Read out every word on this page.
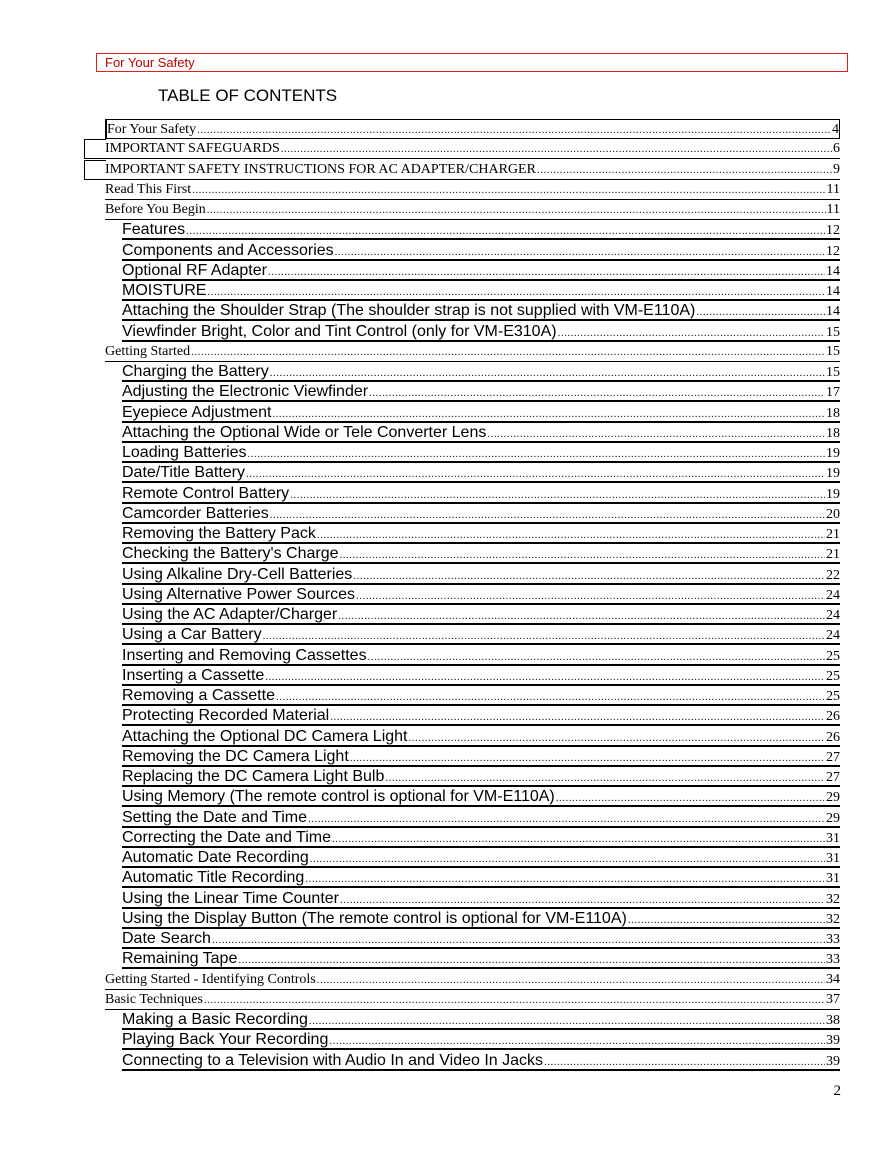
For Your Safety
TABLE OF CONTENTS
For Your Safety .....	4
IMPORTANT SAFEGUARDS .....	6
IMPORTANT SAFETY INSTRUCTIONS FOR AC ADAPTER/CHARGER .....	9
Read This First .....	11
Before You Begin .....	11
Features .....	12
Components and Accessories .....	12
Optional RF Adapter .....	14
MOISTURE .....	14
Attaching the Shoulder Strap (The shoulder strap is not supplied with VM-E110A) .....	14
Viewfinder Bright, Color and Tint Control (only for VM-E310A) .....	15
Getting Started .....	15
Charging the Battery .....	15
Adjusting the Electronic Viewfinder .....	17
Eyepiece Adjustment .....	18
Attaching the Optional Wide or Tele Converter Lens .....	18
Loading Batteries .....	19
Date/Title Battery .....	19
Remote Control Battery .....	19
Camcorder Batteries .....	20
Removing the Battery Pack .....	21
Checking the Battery's Charge .....	21
Using Alkaline Dry-Cell Batteries .....	22
Using Alternative Power Sources .....	24
Using the AC Adapter/Charger .....	24
Using a Car Battery .....	24
Inserting and Removing Cassettes .....	25
Inserting a Cassette .....	25
Removing a Cassette .....	25
Protecting Recorded Material .....	26
Attaching the Optional DC Camera Light .....	26
Removing the DC Camera Light .....	27
Replacing the DC Camera Light Bulb .....	27
Using Memory (The remote control is optional for VM-E110A) .....	29
Setting the Date and Time .....	29
Correcting the Date and Time .....	31
Automatic Date Recording .....	31
Automatic Title Recording .....	31
Using the Linear Time Counter .....	32
Using the Display Button (The remote control is optional for VM-E110A) .....	32
Date Search .....	33
Remaining Tape .....	33
Getting Started - Identifying Controls .....	34
Basic Techniques .....	37
Making a Basic Recording .....	38
Playing Back Your Recording .....	39
Connecting to a Television with Audio In and Video In Jacks .....	39
2
